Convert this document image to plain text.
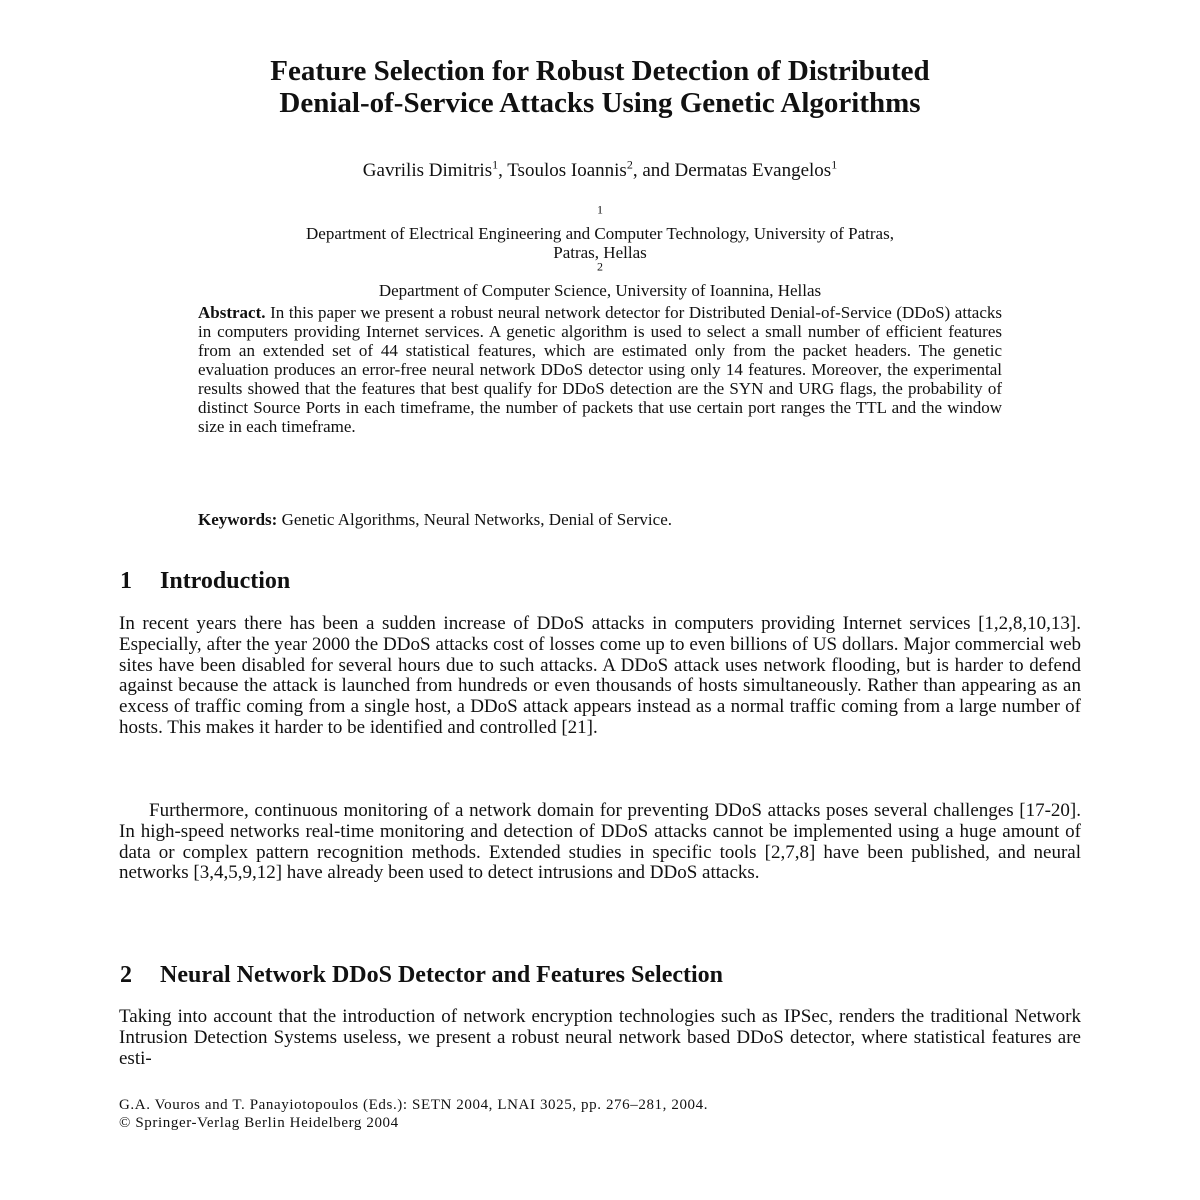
Feature Selection for Robust Detection of Distributed
Denial-of-Service Attacks Using Genetic Algorithms
Gavrilis Dimitris$^1$, Tsoulos Ioannis$^2$, and Dermatas Evangelos$^1$
$^1$
Department of Electrical Engineering and Computer Technology, University of Patras,
Patras, Hellas
$^2$
Department of Computer Science, University of Ioannina, Hellas
Abstract. In this paper we present a robust neural network detector for Distributed Denial-of-Service (DDoS) attacks in computers providing Internet services. A genetic algorithm is used to select a small number of efficient features from an extended set of 44 statistical features, which are estimated only from the packet headers. The genetic evaluation produces an error-free neural network DDoS detector using only 14 features. Moreover, the experimental results showed that the features that best qualify for DDoS detection are the SYN and URG flags, the probability of distinct Source Ports in each timeframe, the number of packets that use certain port ranges the TTL and the window size in each timeframe.
Keywords: Genetic Algorithms, Neural Networks, Denial of Service.
1 Introduction

In recent years there has been a sudden increase of DDoS attacks in computers providing Internet services [1,2,8,10,13]. Especially, after the year 2000 the DDoS attacks cost of losses come up to even billions of US dollars. Major commercial web sites have been disabled for several hours due to such attacks. A DDoS attack uses network flooding, but is harder to defend against because the attack is launched from hundreds or even thousands of hosts simultaneously. Rather than appearing as an excess of traffic coming from a single host, a DDoS attack appears instead as a normal traffic coming from a large number of hosts. This makes it harder to be identified and controlled [21].

Furthermore, continuous monitoring of a network domain for preventing DDoS attacks poses several challenges [17-20]. In high-speed networks real-time monitoring and detection of DDoS attacks cannot be implemented using a huge amount of data or complex pattern recognition methods. Extended studies in specific tools [2,7,8] have been published, and neural networks [3,4,5,9,12] have already been used to detect intrusions and DDoS attacks.

2 Neural Network DDoS Detector and Features Selection

Taking into account that the introduction of network encryption technologies such as IPSec, renders the traditional Network Intrusion Detection Systems useless, we present a robust neural network based DDoS detector, where statistical features are esti-

G.A. Vouros and T. Panayiotopoulos (Eds.): SETN 2004, LNAI 3025, pp. 276–281, 2004.
© Springer-Verlag Berlin Heidelberg 2004
